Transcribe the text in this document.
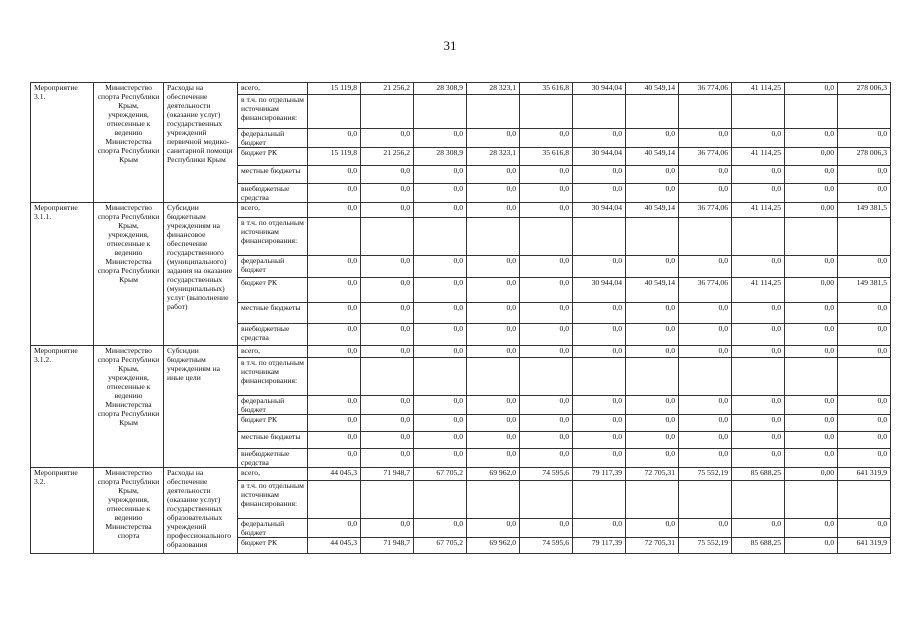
31
Мероприятие 3.1.	Министерство спорта Республики Крым, учреждения, отнесенные к ведению Министерства спорта Республики Крым	Расходы на обеспечение деятельности (оказание услуг) государственных учреждений первичной медико-санитарной помощи Республики Крым	всего,	15 119,8	21 256,2	28 308,9	28 323,1	35 616,8	30 944,04	40 549,14	36 774,06	41 114,25	0,0	278 006,3
			в т.ч. по отдельным источникам финансирования:											
			федеральный бюджет	0,0	0,0	0,0	0,0	0,0	0,0	0,0	0,0	0,0	0,0	0,0
			бюджет РК	15 119,8	21 256,2	28 308,9	28 323,1	35 616,8	30 944,04	40 549,14	36 774,06	41 114,25	0,00	278 006,3
			местные бюджеты	0,0	0,0	0,0	0,0	0,0	0,0	0,0	0,0	0,0	0,0	0,0
			внебюджетные средства	0,0	0,0	0,0	0,0	0,0	0,0	0,0	0,0	0,0	0,0	0,0
Мероприятие 3.1.1.	Министерство спорта Республики Крым, учреждения, отнесенные к ведению Министерства спорта Республики Крым	Субсидии бюджетным учреждениям на финансовое обеспечение государственного (муниципального) задания на оказание государственных (муниципальных) услуг (выполнение работ)	всего,	0,0	0,0	0,0	0,0	0,0	30 944,04	40 549,14	36 774,06	41 114,25	0,00	149 381,5
			в т.ч. по отдельным источникам финансирования:											
			федеральный бюджет	0,0	0,0	0,0	0,0	0,0	0,0	0,0	0,0	0,0	0,0	0,0
			бюджет РК	0,0	0,0	0,0	0,0	0,0	30 944,04	40 549,14	36 774,06	41 114,25	0,00	149 381,5
			местные бюджеты	0,0	0,0	0,0	0,0	0,0	0,0	0,0	0,0	0,0	0,0	0,0
			внебюджетные средства	0,0	0,0	0,0	0,0	0,0	0,0	0,0	0,0	0,0	0,0	0,0
Мероприятие 3.1.2.	Министерство спорта Республики Крым, учреждения, отнесенные к ведению Министерства спорта Республики Крым	Субсидии бюджетным учреждениям на иные цели	всего,	0,0	0,0	0,0	0,0	0,0	0,0	0,0	0,0	0,0	0,0	0,0
			в т.ч. по отдельным источникам финансирования:											
			федеральный бюджет	0,0	0,0	0,0	0,0	0,0	0,0	0,0	0,0	0,0	0,0	0,0
			бюджет РК	0,0	0,0	0,0	0,0	0,0	0,0	0,0	0,0	0,0	0,0	0,0
			местные бюджеты	0,0	0,0	0,0	0,0	0,0	0,0	0,0	0,0	0,0	0,0	0,0
			внебюджетные средства	0,0	0,0	0,0	0,0	0,0	0,0	0,0	0,0	0,0	0,0	0,0
Мероприятие 3.2.	Министерство спорта Республики Крым, учреждения, отнесенные к ведению Министерства спорта	Расходы на обеспечение деятельности (оказание услуг) государственных образовательных учреждений профессионального образования	всего,	44 045,3	71 948,7	67 705,2	69 962,0	74 595,6	79 117,39	72 705,31	75 552,19	85 688,25	0,00	641 319,9
			в т.ч. по отдельным источникам финансирования:											
			федеральный бюджет	0,0	0,0	0,0	0,0	0,0	0,0	0,0	0,0	0,0	0,0	0,0
			бюджет РК	44 045,3	71 948,7	67 705,2	69 962,0	74 595,6	79 117,39	72 705,31	75 552,19	85 688,25	0,0	641 319,9
